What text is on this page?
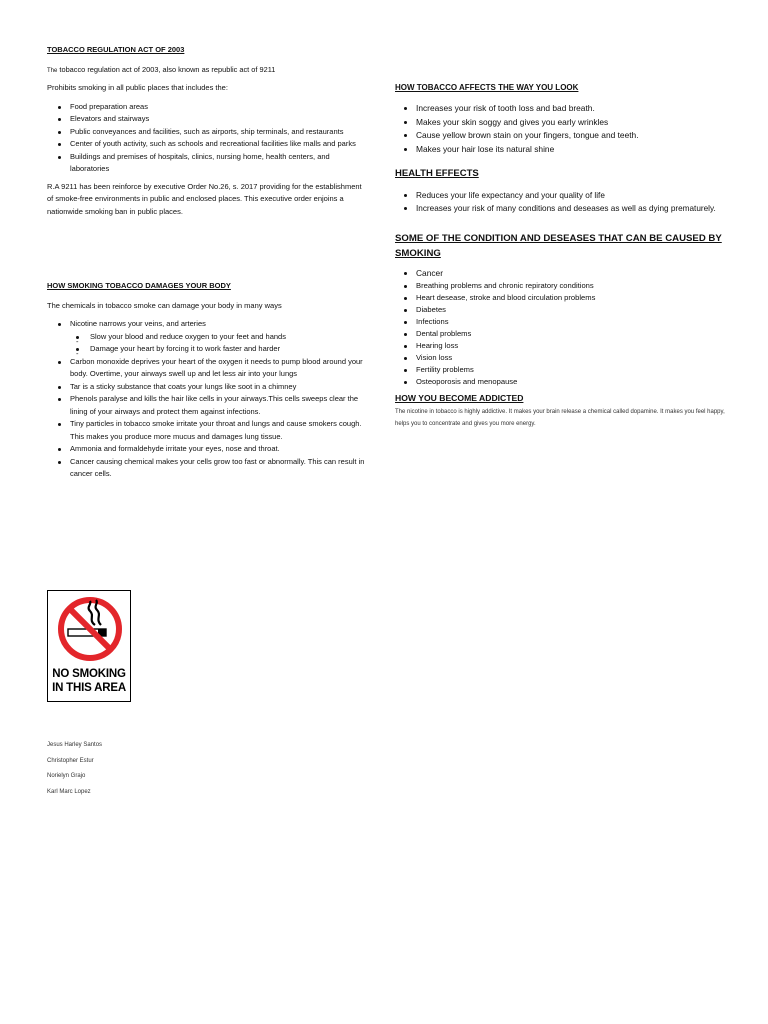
TOBACCO REGULATION ACT OF 2003

The tobacco regulation act of 2003, also known as republic act of 9211

Prohibits smoking in all public places that includes the:

Food preparation areas
Elevators and stairways
Public conveyances and facilities, such as airports, ship terminals, and restaurants
Center of youth activity, such as schools and recreational facilities like malls and parks
Buildings and premises of hospitals, clinics, nursing home, health centers, and laboratories

R.A 9211 has been reinforce by executive Order No.26, s. 2017 providing for the establishment of smoke-free environments in public and enclosed places. This executive order enjoins a nationwide smoking ban in public places.

HOW SMOKING TOBACCO DAMAGES YOUR BODY

The chemicals in tobacco smoke can damage your body in many ways

Nicotine narrows your veins, and arteries
- Slow your blood and reduce oxygen to your feet and hands
- Damage your heart by forcing it to work faster and harder
Carbon monoxide deprives your heart of the oxygen it needs to pump blood around your body. Overtime, your airways swell up and let less air into your lungs
Tar is a sticky substance that coats your lungs like soot in a chimney
Phenols paralyse and kills the hair like cells in your airways.This cells sweeps clear the lining of your airways and protect them against infections.
Tiny particles in tobacco smoke irritate your throat and lungs and cause smokers cough. This makes you produce more mucus and damages lung tissue.
Ammonia and formaldehyde irritate your eyes, nose and throat.
Cancer causing chemical makes your cells grow too fast or abnormally. This can result in cancer cells.

HOW TOBACCO AFFECTS THE WAY YOU LOOK

Increases your risk of tooth loss and bad breath.
Makes your skin soggy and gives you early wrinkles
Cause yellow brown stain on your fingers, tongue and teeth.
Makes your hair lose its natural shine

HEALTH EFFECTS

Reduces your life expectancy and your quality of life
Increases your risk of many conditions and deseases as well as dying prematurely.

SOME OF THE CONDITION AND DESEASES THAT CAN BE CAUSED BY SMOKING

Cancer
Breathing problems and chronic repiratory conditions
Heart desease, stroke and blood circulation problems
Diabetes
Infections
Dental problems
Hearing loss
Vision loss
Fertility problems
Osteoporosis and menopause

HOW YOU BECOME ADDICTED

The nicotine in tobacco is highly addictive. It makes your brain release a chemical called dopamine. It makes you feel happy, helps you to concentrate and gives you more energy.

NO SMOKING
IN THIS AREA
Jesus Harley Santos
Christopher Estur
Norielyn Grajo
Karl Marc Lopez
